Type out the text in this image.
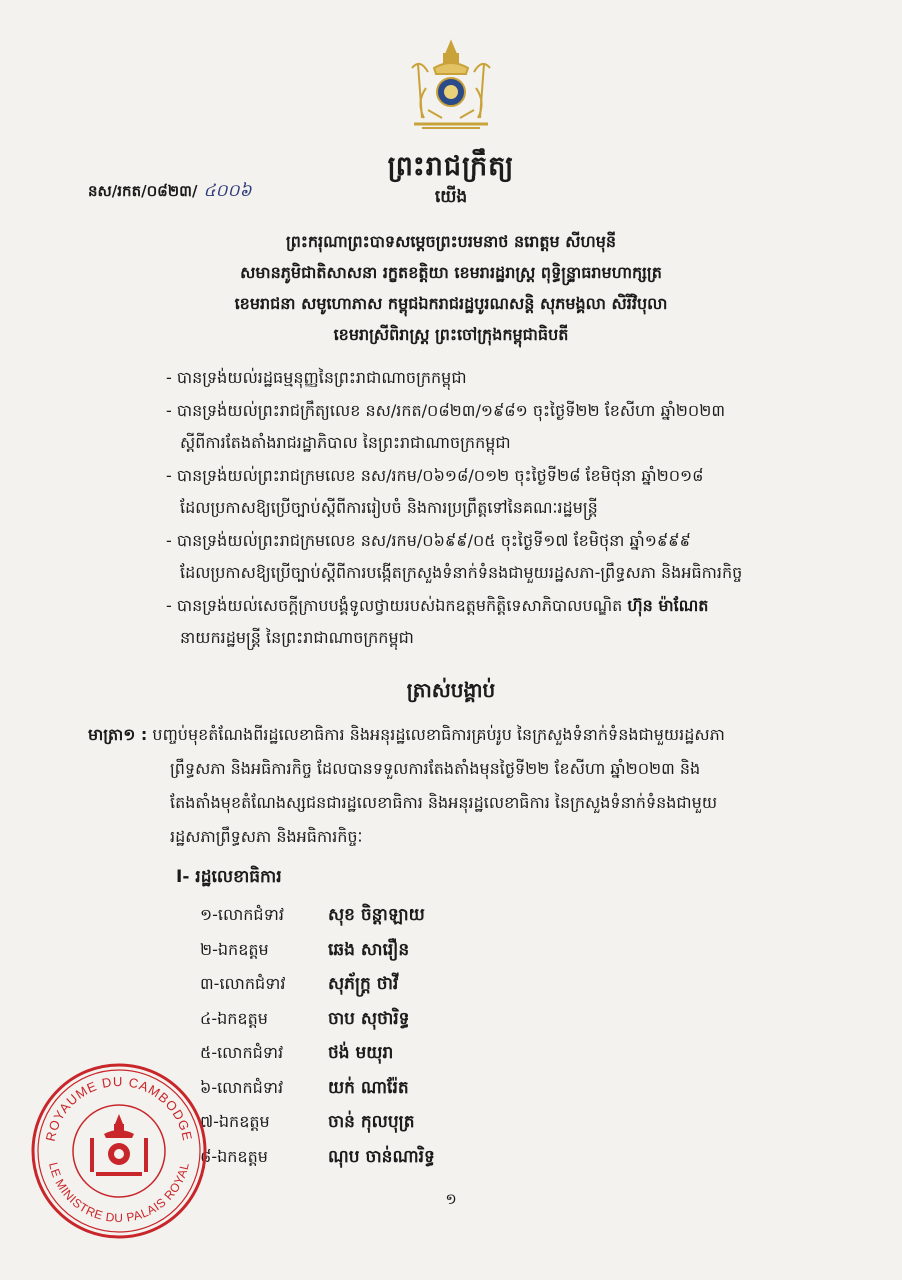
ព្រះរាជក្រឹត្យ
នស/រកត/០៨២៣/ ៤០០៦	យើង
ព្រះករុណាព្រះបាទសម្ដេចព្រះបរមនាថ នរោត្តម សីហមុនី
សមានភូមិជាតិសាសនា រក្ខតខត្តិយា ខេមរារដ្ឋរាស្ត្រ ពុទ្ធិន្ទ្រាធរាមហាក្សត្រ
ខេមរាជនា សមូហោភាស កម្ពុជឯករាជរដ្ឋបូរណសន្តិ សុភមង្គលា សិរីវិបុលា
ខេមរាស្រីពិរាស្ត្រ ព្រះចៅក្រុងកម្ពុជាធិបតី
- បានទ្រង់យល់រដ្ឋធម្មនុញ្ញនៃព្រះរាជាណាចក្រកម្ពុជា
- បានទ្រង់យល់ព្រះរាជក្រឹត្យលេខ នស/រកត/០៨២៣/១៩៨១ ចុះថ្ងៃទី២២ ខែសីហា ឆ្នាំ២០២៣
ស្តីពីការតែងតាំងរាជរដ្ឋាភិបាល នៃព្រះរាជាណាចក្រកម្ពុជា
- បានទ្រង់យល់ព្រះរាជក្រមលេខ នស/រកម/០៦១៨/០១២ ចុះថ្ងៃទី២៨ ខែមិថុនា ឆ្នាំ២០១៨
ដែលប្រកាសឱ្យប្រើច្បាប់ស្តីពីការរៀបចំ និងការប្រព្រឹត្តទៅនៃគណៈរដ្ឋមន្ត្រី
- បានទ្រង់យល់ព្រះរាជក្រមលេខ នស/រកម/០៦៩៩/០៥ ចុះថ្ងៃទី១៧ ខែមិថុនា ឆ្នាំ១៩៩៩
ដែលប្រកាសឱ្យប្រើច្បាប់ស្តីពីការបង្កើតក្រសួងទំនាក់ទំនងជាមួយរដ្ឋសភា-ព្រឹទ្ធសភា និងអធិការកិច្ច
- បានទ្រង់យល់សេចក្តីក្រាបបង្គំទូលថ្វាយរបស់ឯកឧត្តមកិត្តិទេសាភិបាលបណ្ឌិត ហ៊ុន ម៉ាណែត
នាយករដ្ឋមន្ត្រី នៃព្រះរាជាណាចក្រកម្ពុជា
ត្រាស់បង្គាប់
មាត្រា១ : បញ្ចប់មុខតំណែងពីរដ្ឋលេខាធិការ និងអនុរដ្ឋលេខាធិការគ្រប់រូប នៃក្រសួងទំនាក់ទំនងជាមួយរដ្ឋសភា
ព្រឹទ្ធសភា និងអធិការកិច្ច ដែលបានទទួលការតែងតាំងមុនថ្ងៃទី២២ ខែសីហា ឆ្នាំ២០២៣ និង
តែងតាំងមុខតំណែងស្សជនជារដ្ឋលេខាធិការ និងអនុរដ្ឋលេខាធិការ នៃក្រសួងទំនាក់ទំនងជាមួយ
រដ្ឋសភាព្រឹទ្ធសភា និងអធិការកិច្ចៈ
I- រដ្ឋលេខាធិការ
១-លោកជំទាវ	សុខ ចិន្ដាឡាយ
២-ឯកឧត្តម	ឆេង សារឿន
៣-លោកជំទាវ	សុភ័ក្ត្រ ថាវី
៤-ឯកឧត្តម	ចាប សុថារិទ្ធ
៥-លោកជំទាវ	ថង់ មយុរា
៦-លោកជំទាវ	យក់ ណារ៉ែត
៧-ឯកឧត្តម	ចាន់ កុលបុត្រ
៨-ឯកឧត្តម	ណុប ចាន់ណារិទ្ធ
ROYAUME DU CAMBODGE
LE MINISTRE DU PALAIS ROYAL
១
